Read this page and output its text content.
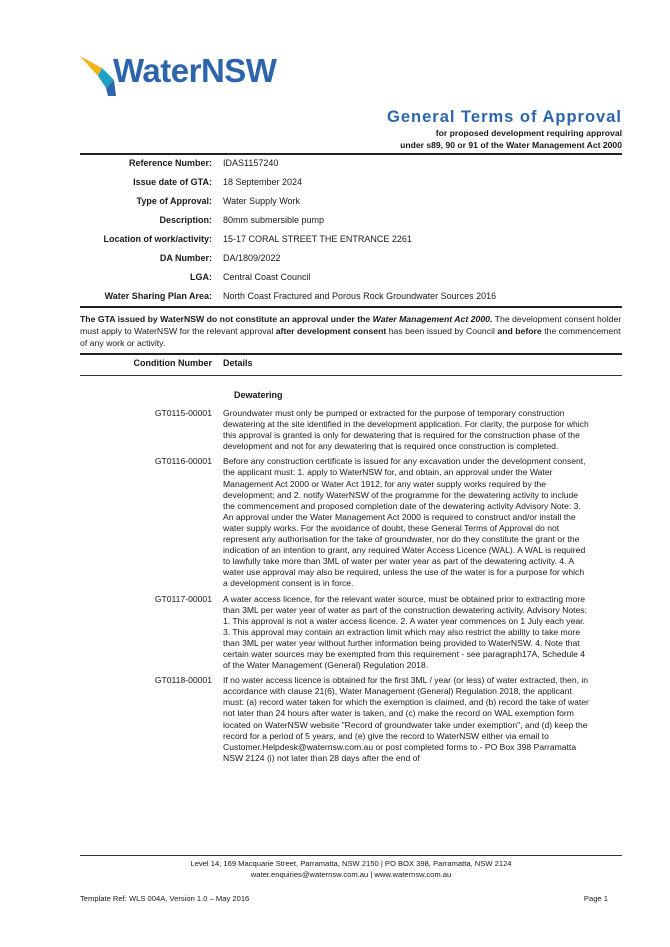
WaterNSW
General Terms of Approval
for proposed development requiring approval
under s89, 90 or 91 of the Water Management Act 2000
Reference Number:	IDAS1157240
Issue date of GTA:	18 September 2024
Type of Approval:	Water Supply Work
Description:	80mm submersible pump
Location of work/activity:	15-17 CORAL STREET THE ENTRANCE 2261
DA Number:	DA/1809/2022
LGA:	Central Coast Council
Water Sharing Plan Area:	North Coast Fractured and Porous Rock Groundwater Sources 2016
The GTA issued by WaterNSW do not constitute an approval under the Water Management Act 2000. The development consent holder must apply to WaterNSW for the relevant approval after development consent has been issued by Council and before the commencement of any work or activity.
Condition Number	Details
Dewatering
GT0115-00001	Groundwater must only be pumped or extracted for the purpose of temporary construction dewatering at the site identified in the development application. For clarity, the purpose for which this approval is granted is only for dewatering that is required for the construction phase of the development and not for any dewatering that is required once construction is completed.
GT0116-00001	Before any construction certificate is issued for any excavation under the development consent, the applicant must: 1. apply to WaterNSW for, and obtain, an approval under the Water Management Act 2000 or Water Act 1912, for any water supply works required by the development; and 2. notify WaterNSW of the programme for the dewatering activity to include the commencement and proposed completion date of the dewatering activity Advisory Note: 3. An approval under the Water Management Act 2000 is required to construct and/or install the water supply works. For the avoidance of doubt, these General Terms of Approval do not represent any authorisation for the take of groundwater, nor do they constitute the grant or the indication of an intention to grant, any required Water Access Licence (WAL). A WAL is required to lawfully take more than 3ML of water per water year as part of the dewatering activity. 4. A water use approval may also be required, unless the use of the water is for a purpose for which a development consent is in force.
GT0117-00001	A water access licence, for the relevant water source, must be obtained prior to extracting more than 3ML per water year of water as part of the construction dewatering activity. Advisory Notes: 1. This approval is not a water access licence. 2. A water year commences on 1 July each year. 3. This approval may contain an extraction limit which may also restrict the ability to take more than 3ML per water year without further information being provided to WaterNSW. 4. Note that certain water sources may be exempted from this requirement - see paragraph17A, Schedule 4 of the Water Management (General) Regulation 2018.
GT0118-00001	If no water access licence is obtained for the first 3ML / year (or less) of water extracted, then, in accordance with clause 21(6), Water Management (General) Regulation 2018, the applicant must: (a) record water taken for which the exemption is claimed, and (b) record the take of water not later than 24 hours after water is taken, and (c) make the record on WAL exemption form located on WaterNSW website "Record of groundwater take under exemption", and (d) keep the record for a period of 5 years, and (e) give the record to WaterNSW either via email to Customer.Helpdesk@waternsw.com.au or post completed forms to - PO Box 398 Parramatta NSW 2124 (i) not later than 28 days after the end of
Level 14, 169 Macquarie Street, Parramatta, NSW 2150 | PO BOX 398, Parramatta, NSW 2124
water.enquiries@waternsw.com.au | www.waternsw.com.au
Template Ref: WLS 004A, Version 1.0 – May 2016	Page 1
